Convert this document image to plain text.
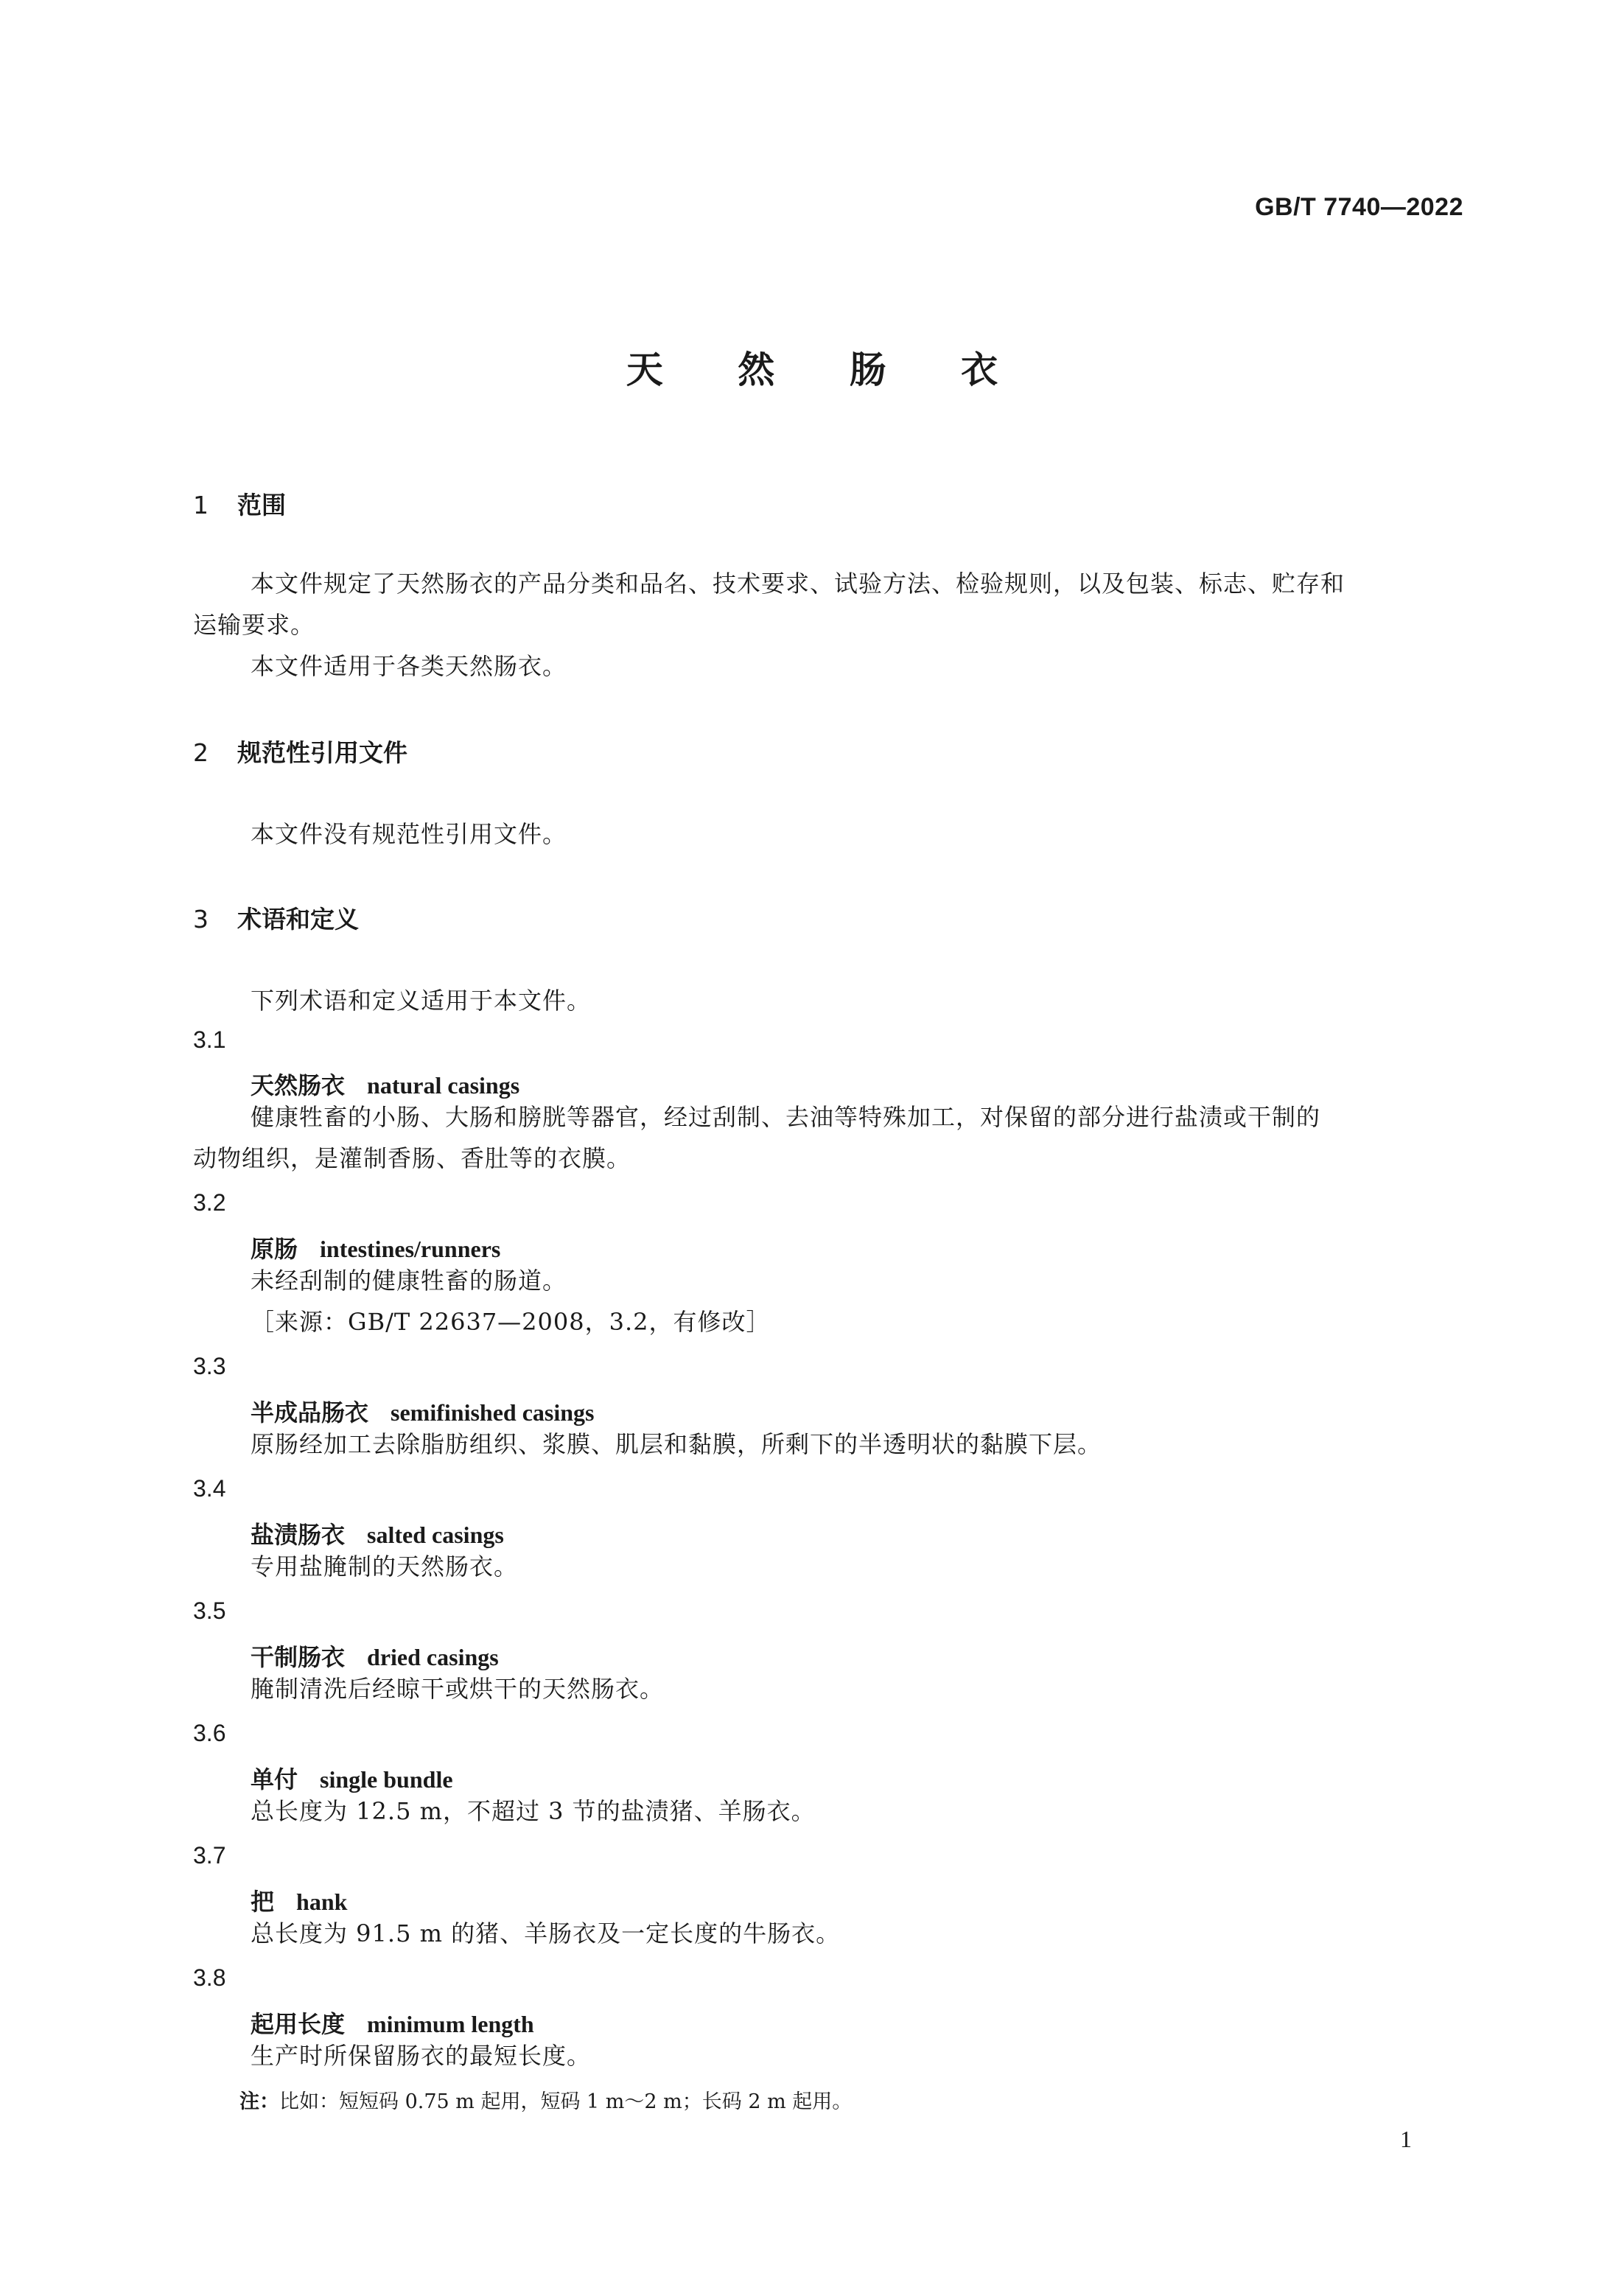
GB/T 7740—2022
天 然 肠 衣
1 范围
本文件规定了天然肠衣的产品分类和品名、技术要求、试验方法、检验规则，以及包装、标志、贮存和
运输要求。
本文件适用于各类天然肠衣。
2 规范性引用文件
本文件没有规范性引用文件。
3 术语和定义
下列术语和定义适用于本文件。
3.1
天然肠衣 natural casings
健康牲畜的小肠、大肠和膀胱等器官，经过刮制、去油等特殊加工，对保留的部分进行盐渍或干制的
动物组织，是灌制香肠、香肚等的衣膜。
3.2
原肠 intestines/runners
未经刮制的健康牲畜的肠道。
［来源：GB/T 22637—2008，3.2，有修改］
3.3
半成品肠衣 semifinished casings
原肠经加工去除脂肪组织、浆膜、肌层和黏膜，所剩下的半透明状的黏膜下层。
3.4
盐渍肠衣 salted casings
专用盐腌制的天然肠衣。
3.5
干制肠衣 dried casings
腌制清洗后经晾干或烘干的天然肠衣。
3.6
单付 single bundle
总长度为 12.5 m，不超过 3 节的盐渍猪、羊肠衣。
3.7
把 hank
总长度为 91.5 m 的猪、羊肠衣及一定长度的牛肠衣。
3.8
起用长度 minimum length
生产时所保留肠衣的最短长度。
注：比如：短短码 0.75 m 起用，短码 1 m～2 m；长码 2 m 起用。
1
